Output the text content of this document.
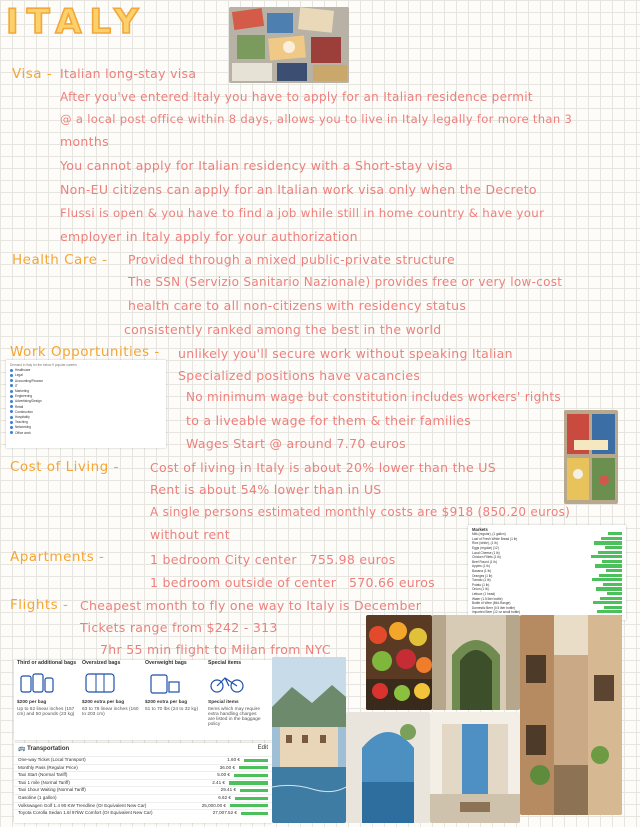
ITALY
Visa - Italian long-stay visa
After you've entered Italy you have to apply for an Italian residence permit
@ a local post office within 8 days, allows you to live in Italy legally for more than 3
months
You cannot apply for Italian residency with a Short-stay visa
Non-EU citizens can apply for an Italian work visa only when the Decreto
Flussi is open & you have to find a job while still in home country & have your
employer in Italy apply for your authorization
Health Care - Provided through a mixed public-private structure
The SSN (Servizio Sanitario Nazionale) provides free or very low-cost
health care to all non-citizens with residency status
consistently ranked among the best in the world
Work Opportunities - unlikely you'll secure work without speaking Italian
Specialized positions have vacancies
No minimum wage but constitution includes workers' rights
to a liveable wage for them & their families
Wages Start @ around 7.70 euros
Demand in Italy for the below 9 popular careers
Healthcare
Legal
Accounting/Finance
IT
Marketing
Engineering
Advertising/Design
Retail
Construction
Hospitality
Teaching
Networking
Office work
Cost of Living - Cost of living in Italy is about 20% lower than the US
Rent is about 54% lower than in US
A single persons estimated monthly costs are $918 (850.20 euros)
without rent	Markets
Milk (regular), (1 gallon)
Loaf of Fresh White Bread (1 lb)
Rice (white), (1 lb)
Eggs (regular) (12)
Local Cheese (1 lb)
Chicken Fillets (1 lb)
Beef Round (1 lb)
Apples (1 lb)
Banana (1 lb)
Oranges (1 lb)
Tomato (1 lb)
Potato (1 lb)
Onion (1 lb)
Lettuce (1 head)
Water (1.5 liter bottle)
Bottle of Wine (Mid-Range)
Domestic Beer (0.5 liter bottle)
Imported Beer (12 oz small bottle)
Apartments -	1 bedroom City center   755.98 euros
1 bedroom outside of center   570.66 euros
Flights - Cheapest month to fly one way to Italy is December
Tickets range from $242 - 313
7hr 55 min flight to Milan from NYC
Third or additional bags
$200 per bag
Up to 62 linear inches (157 cm) and 50 pounds (23 kg)
Oversized bags
$200 extra per bag
63 to 78 linear inches (160 to 203 cm)
Overweight bags
$200 extra per bag
51 to 70 lbs (24 to 32 kg)
Special items
Special items
Items which may require extra handling charges are listed in the baggage policy
🚌 Transportation	Edit
One-way Ticket (Local Transport)	1.60 €
Monthly Pass (Regular Price)	36.00 €
Taxi Start (Normal Tariff)	5.00 €
Taxi 1 mile (Normal Tariff)	2.41 €
Taxi 1hour Waiting (Normal Tariff)	29.41 €
Gasoline (1 gallon)	6.62 €
Volkswagen Golf 1.4 90 KW Trendline (Or Equivalent New Car)	25,000.00 €
Toyota Corolla Sedan 1.6l 97kW Comfort (Or Equivalent New Car)	27,007.52 €
